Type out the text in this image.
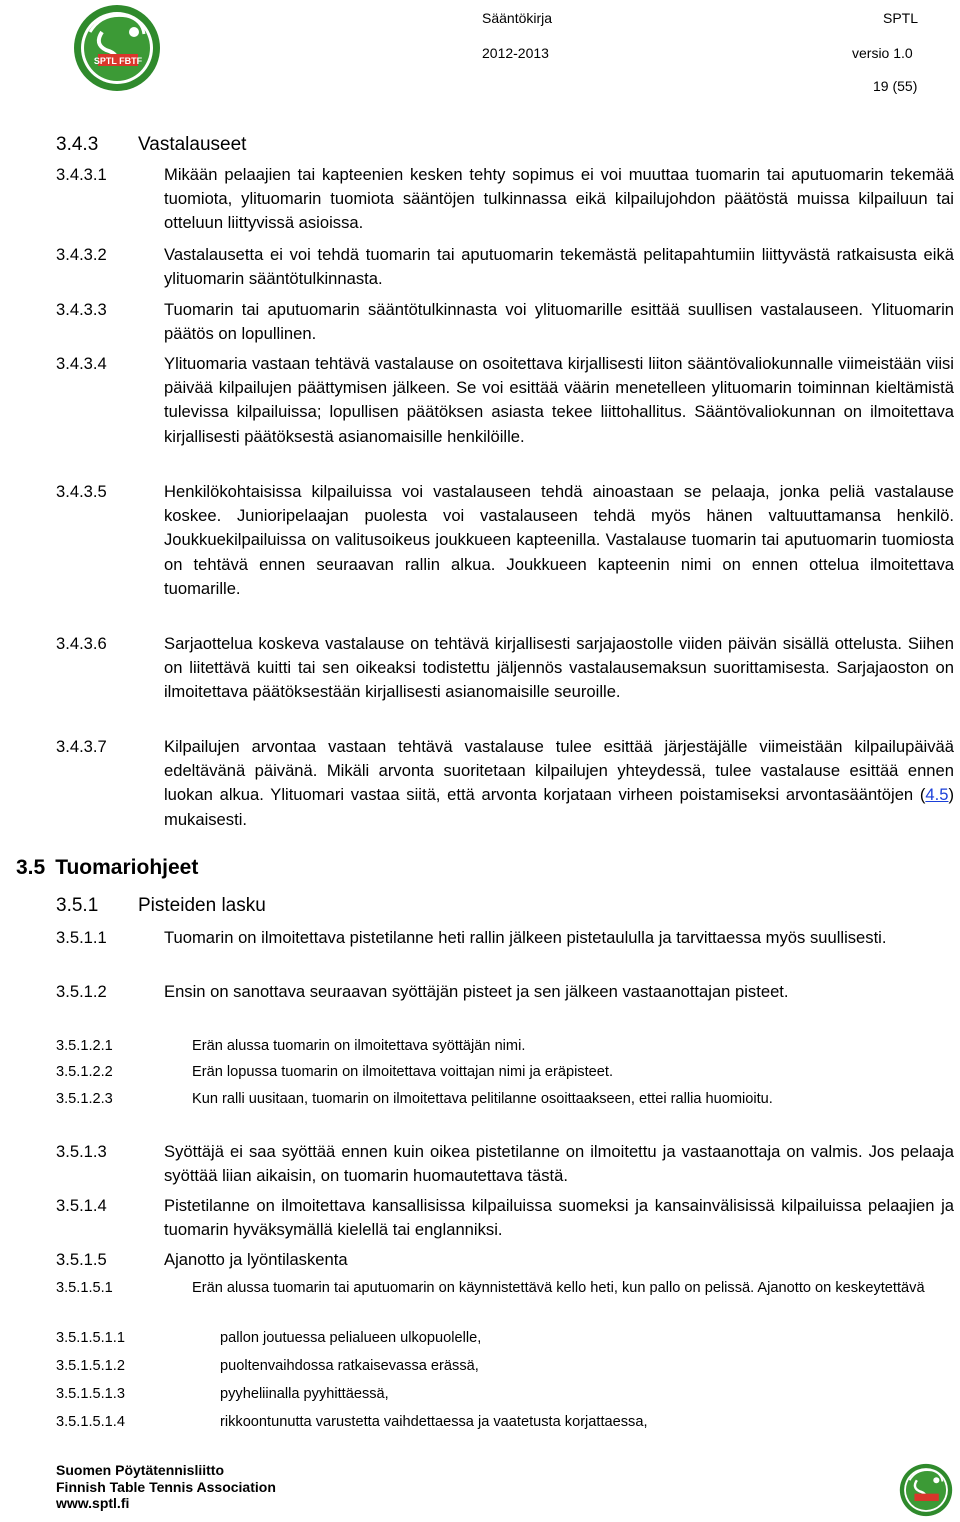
SPTL FBTF
Sääntökirja	SPTL
2012-2013	versio 1.0
19 (55)
3.4.3 Vastalauseet
3.4.3.1	Mikään pelaajien tai kapteenien kesken tehty sopimus ei voi muuttaa tuomarin tai aputuomarin tekemää tuomiota, ylituomarin tuomiota sääntöjen tulkinnassa eikä kilpailujohdon päätöstä muissa kilpailuun tai otteluun liittyvissä asioissa.
3.4.3.2	Vastalausetta ei voi tehdä tuomarin tai aputuomarin tekemästä pelitapahtumiin liittyvästä ratkaisusta eikä ylituomarin sääntötulkinnasta.
3.4.3.3	Tuomarin tai aputuomarin sääntötulkinnasta voi ylituomarille esittää suullisen vastalauseen. Ylituomarin päätös on lopullinen.
3.4.3.4	Ylituomaria vastaan tehtävä vastalause on osoitettava kirjallisesti liiton sääntövaliokunnalle viimeistään viisi päivää kilpailujen päättymisen jälkeen. Se voi esittää väärin menetelleen ylituomarin toiminnan kieltämistä tulevissa kilpailuissa; lopullisen päätöksen asiasta tekee liittohallitus. Sääntövaliokunnan on ilmoitettava kirjallisesti päätöksestä asianomaisille henkilöille.
3.4.3.5	Henkilökohtaisissa kilpailuissa voi vastalauseen tehdä ainoastaan se pelaaja, jonka peliä vastalause koskee. Junioripelaajan puolesta voi vastalauseen tehdä myös hänen valtuuttamansa henkilö. Joukkuekilpailuissa on valitusoikeus joukkueen kapteenilla. Vastalause tuomarin tai aputuomarin tuomiosta on tehtävä ennen seuraavan rallin alkua. Joukkueen kapteenin nimi on ennen ottelua ilmoitettava tuomarille.
3.4.3.6	Sarjaottelua koskeva vastalause on tehtävä kirjallisesti sarjajaostolle viiden päivän sisällä ottelusta. Siihen on liitettävä kuitti tai sen oikeaksi todistettu jäljennös vastalausemaksun suorittamisesta. Sarjajaoston on ilmoitettava päätöksestään kirjallisesti asianomaisille seuroille.
3.4.3.7	Kilpailujen arvontaa vastaan tehtävä vastalause tulee esittää järjestäjälle viimeistään kilpailupäivää edeltävänä päivänä. Mikäli arvonta suoritetaan kilpailujen yhteydessä, tulee vastalause esittää ennen luokan alkua. Ylituomari vastaa siitä, että arvonta korjataan virheen poistamiseksi arvontasääntöjen (4.5) mukaisesti.
3.5 Tuomariohjeet
3.5.1 Pisteiden lasku
3.5.1.1	Tuomarin on ilmoitettava pistetilanne heti rallin jälkeen pistetaululla ja tarvittaessa myös suullisesti.
3.5.1.2	Ensin on sanottava seuraavan syöttäjän pisteet ja sen jälkeen vastaanottajan pisteet.
3.5.1.2.1	Erän alussa tuomarin on ilmoitettava syöttäjän nimi.
3.5.1.2.2	Erän lopussa tuomarin on ilmoitettava voittajan nimi ja eräpisteet.
3.5.1.2.3	Kun ralli uusitaan, tuomarin on ilmoitettava pelitilanne osoittaakseen, ettei rallia huomioitu.
3.5.1.3	Syöttäjä ei saa syöttää ennen kuin oikea pistetilanne on ilmoitettu ja vastaanottaja on valmis. Jos pelaaja syöttää liian aikaisin, on tuomarin huomautettava tästä.
3.5.1.4	Pistetilanne on ilmoitettava kansallisissa kilpailuissa suomeksi ja kansainvälisissä kilpailuissa pelaajien ja tuomarin hyväksymällä kielellä tai englanniksi.
3.5.1.5	Ajanotto ja lyöntilaskenta
3.5.1.5.1	Erän alussa tuomarin tai aputuomarin on käynnistettävä kello heti, kun pallo on pelissä. Ajanotto on keskeytettävä
3.5.1.5.1.1	pallon joutuessa pelialueen ulkopuolelle,
3.5.1.5.1.2	puoltenvaihdossa ratkaisevassa erässä,
3.5.1.5.1.3	pyyheliinalla pyyhittäessä,
3.5.1.5.1.4	rikkoontunutta varustetta vaihdettaessa ja vaatetusta korjattaessa,
Suomen Pöytätennisliitto
Finnish Table Tennis Association
www.sptl.fi
